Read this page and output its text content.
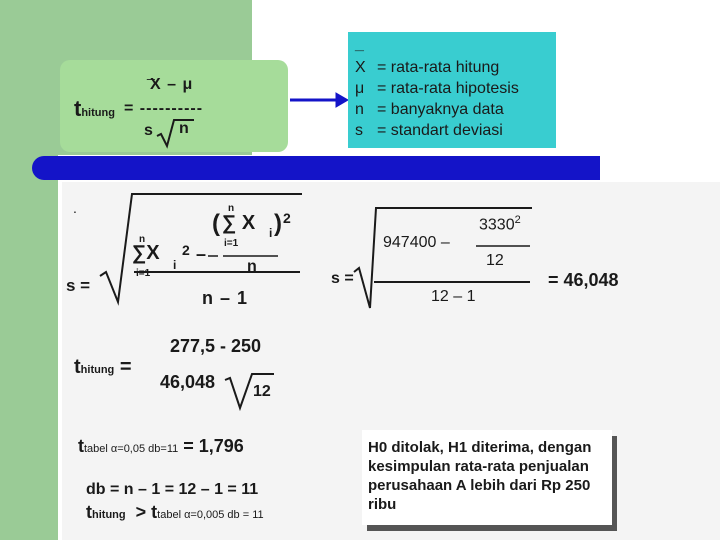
_
X – μ
thitung = ----------
s n
_
X = rata-rata hitung
μ = rata-rata hipotesis
n = banyaknya data
s = standart deviasi
.
s =
n
i=1
∑X
i
2 –
(
n
i=1
∑ X i ) 2
n
n – 1
s =
947400 –
3330$^2$
12
12 – 1
= 46,048
thitung =
277,5 - 250
46,048 12
ttabel α=0,05 db=11 = 1,796
db = n – 1 = 12 – 1 = 11
thitung > ttabel α=0,005 db = 11
H0 ditolak, H1 diterima, dengan kesimpulan rata-rata penjualan perusahaan A lebih dari Rp 250 ribu
